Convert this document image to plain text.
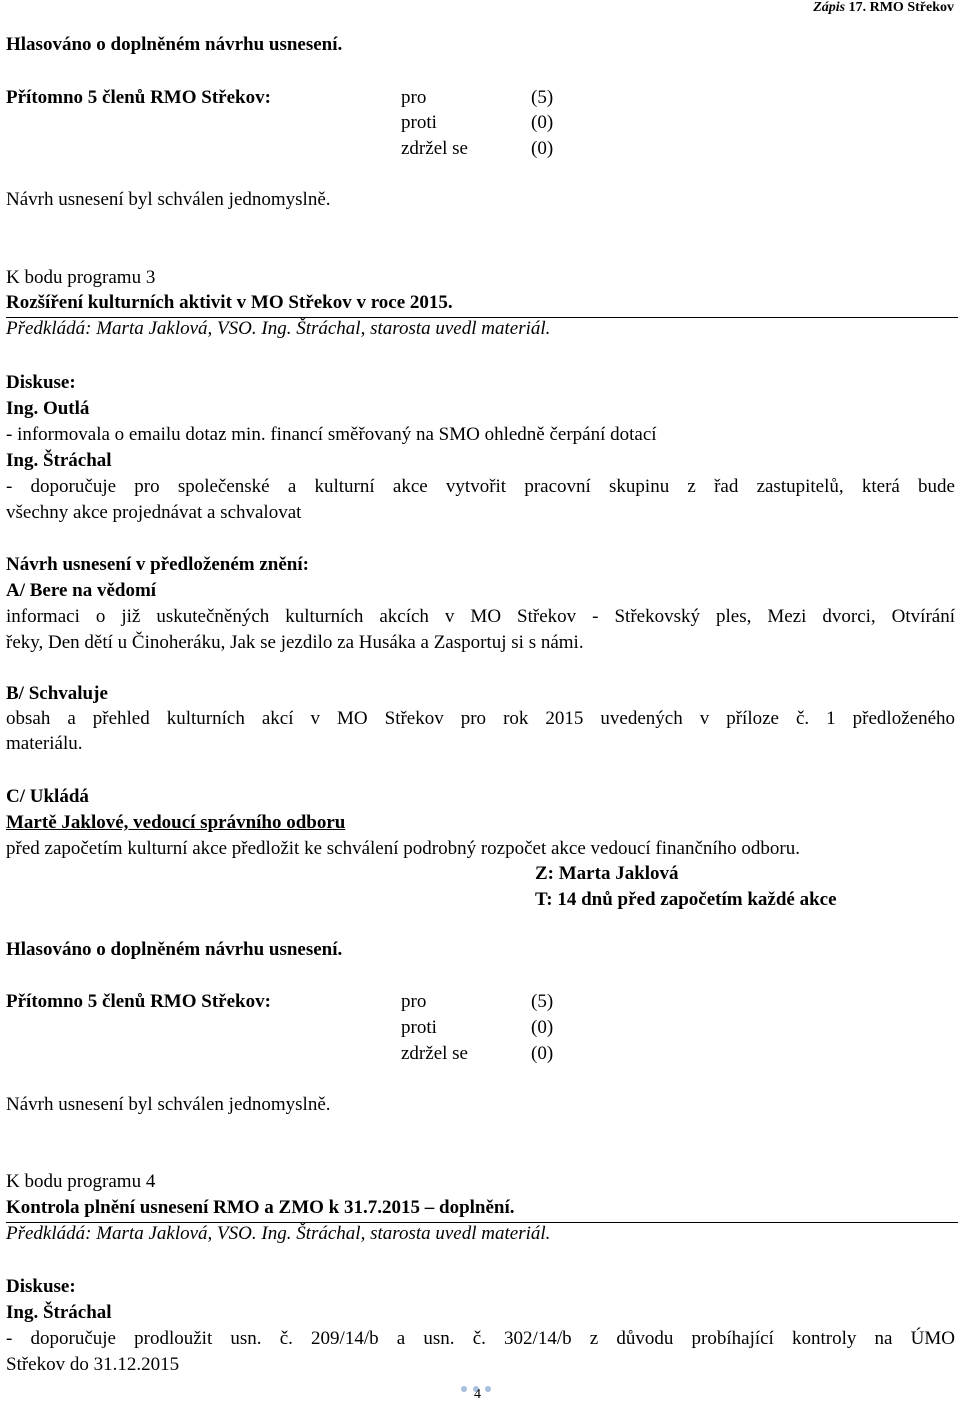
Zápis 17. RMO Střekov
Hlasováno o doplněném návrhu usnesení.
Přítomno 5 členů RMO Střekov:	pro	(5)
proti	(0)
zdržel se	(0)
Návrh usnesení byl schválen jednomyslně.
K bodu programu 3
Rozšíření kulturních aktivit v MO Střekov v roce 2015.
Předkládá: Marta Jaklová, VSO. Ing. Štráchal, starosta uvedl materiál.
Diskuse:
Ing. Outlá
- informovala o emailu dotaz min. financí směřovaný na SMO ohledně čerpání dotací
Ing. Štráchal
- doporučuje pro společenské a kulturní akce vytvořit pracovní skupinu z řad zastupitelů, která bude
všechny akce projednávat a schvalovat
Návrh usnesení v předloženém znění:
A/ Bere na vědomí
informaci o již uskutečněných kulturních akcích v MO Střekov - Střekovský ples, Mezi dvorci, Otvírání
řeky, Den dětí u Činoheráku, Jak se jezdilo za Husáka a Zasportuj si s námi.
B/ Schvaluje
obsah a přehled kulturních akcí v MO Střekov pro rok 2015 uvedených v příloze č. 1 předloženého
materiálu.
C/ Ukládá
Martě Jaklové, vedoucí správního odboru
před započetím kulturní akce předložit ke schválení podrobný rozpočet akce vedoucí finančního odboru.
Z: Marta Jaklová
T: 14 dnů před započetím každé akce
Hlasováno o doplněném návrhu usnesení.
Přítomno 5 členů RMO Střekov:	pro	(5)
proti	(0)
zdržel se	(0)
Návrh usnesení byl schválen jednomyslně.
K bodu programu 4
Kontrola plnění usnesení RMO a ZMO k 31.7.2015 – doplnění.
Předkládá: Marta Jaklová, VSO. Ing. Štráchal, starosta uvedl materiál.
Diskuse:
Ing. Štráchal
- doporučuje prodloužit usn. č. 209/14/b a usn. č. 302/14/b z důvodu probíhající kontroly na ÚMO
Střekov do 31.12.2015
4
